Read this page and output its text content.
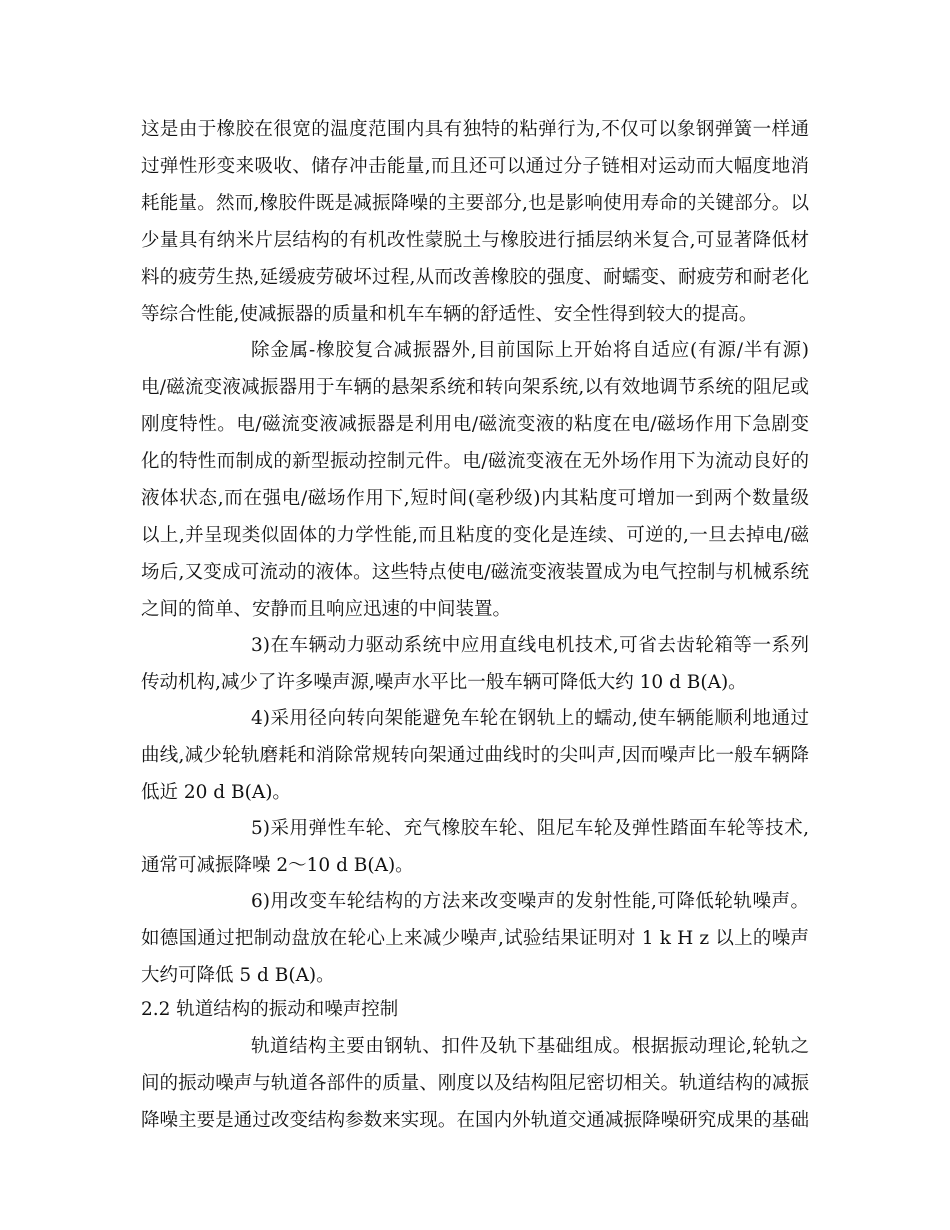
这是由于橡胶在很宽的温度范围内具有独特的粘弹行为,不仅可以象钢弹簧一样通
过弹性形变来吸收、储存冲击能量,而且还可以通过分子链相对运动而大幅度地消
耗能量。然而,橡胶件既是减振降噪的主要部分,也是影响使用寿命的关键部分。以
少量具有纳米片层结构的有机改性蒙脱土与橡胶进行插层纳米复合,可显著降低材
料的疲劳生热,延缓疲劳破坏过程,从而改善橡胶的强度、耐蠕变、耐疲劳和耐老化
等综合性能,使减振器的质量和机车车辆的舒适性、安全性得到较大的提高。
除金属-橡胶复合减振器外,目前国际上开始将自适应(有源/半有源)
电/磁流变液减振器用于车辆的悬架系统和转向架系统,以有效地调节系统的阻尼或
刚度特性。电/磁流变液减振器是利用电/磁流变液的粘度在电/磁场作用下急剧变
化的特性而制成的新型振动控制元件。电/磁流变液在无外场作用下为流动良好的
液体状态,而在强电/磁场作用下,短时间(毫秒级)内其粘度可增加一到两个数量级
以上,并呈现类似固体的力学性能,而且粘度的变化是连续、可逆的,一旦去掉电/磁
场后,又变成可流动的液体。这些特点使电/磁流变液装置成为电气控制与机械系统
之间的简单、安静而且响应迅速的中间装置。
3)在车辆动力驱动系统中应用直线电机技术,可省去齿轮箱等一系列
传动机构,减少了许多噪声源,噪声水平比一般车辆可降低大约 10 d B(A)。
4)采用径向转向架能避免车轮在钢轨上的蠕动,使车辆能顺利地通过
曲线,减少轮轨磨耗和消除常规转向架通过曲线时的尖叫声,因而噪声比一般车辆降
低近 20 d B(A)。
5)采用弹性车轮、充气橡胶车轮、阻尼车轮及弹性踏面车轮等技术,
通常可减振降噪 2～10 d B(A)。
6)用改变车轮结构的方法来改变噪声的发射性能,可降低轮轨噪声。
如德国通过把制动盘放在轮心上来减少噪声,试验结果证明对 1 k H z 以上的噪声
大约可降低 5 d B(A)。
2.2 轨道结构的振动和噪声控制
轨道结构主要由钢轨、扣件及轨下基础组成。根据振动理论,轮轨之
间的振动噪声与轨道各部件的质量、刚度以及结构阻尼密切相关。轨道结构的减振
降噪主要是通过改变结构参数来实现。在国内外轨道交通减振降噪研究成果的基础
